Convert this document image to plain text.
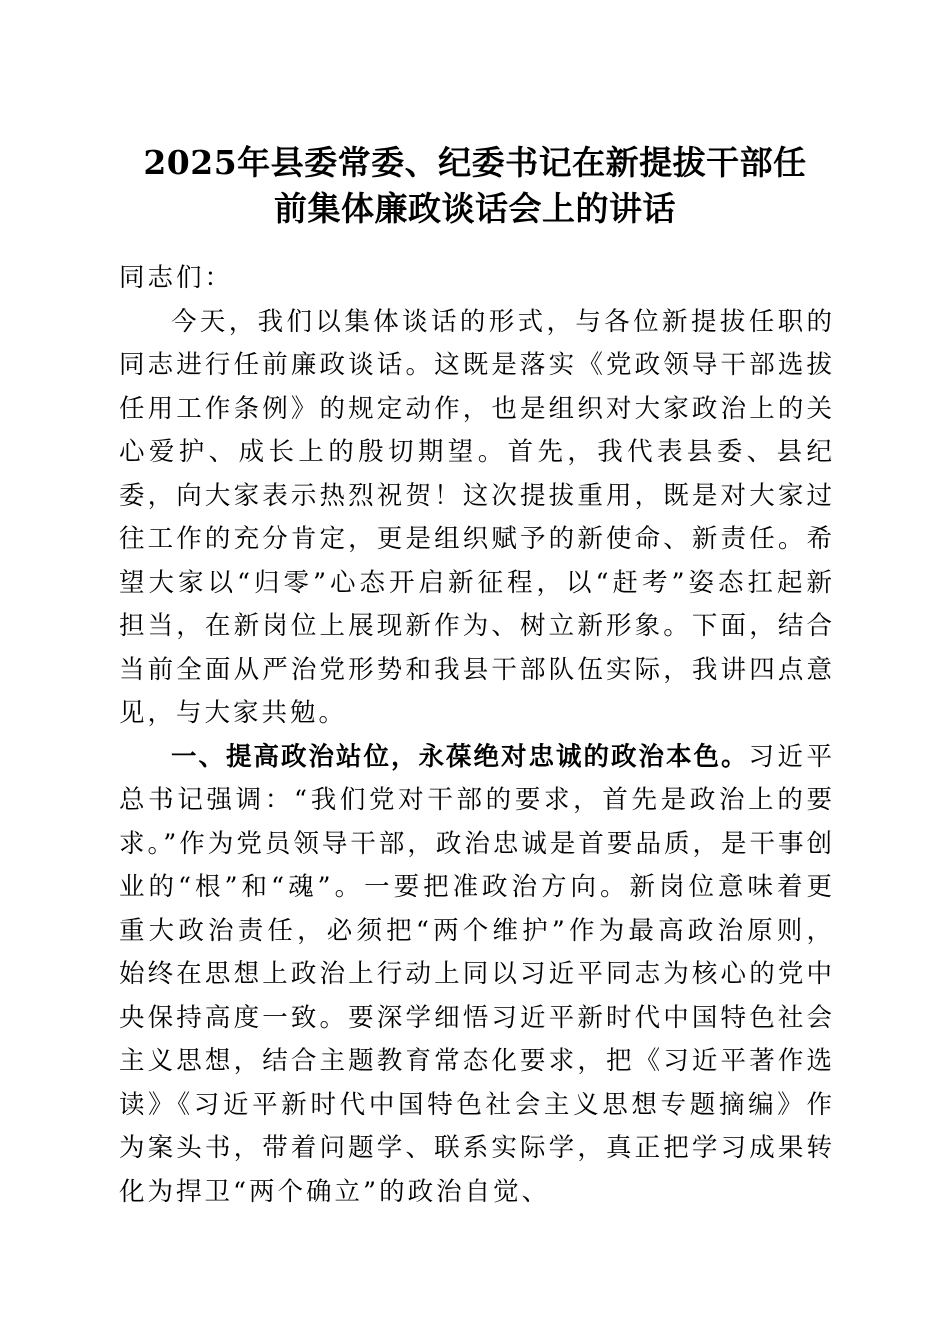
2025年县委常委、纪委书记在新提拔干部任
前集体廉政谈话会上的讲话

同志们：

今天，我们以集体谈话的形式，与各位新提拔任职的同志进行任前廉政谈话。这既是落实《党政领导干部选拔任用工作条例》的规定动作，也是组织对大家政治上的关心爱护、成长上的殷切期望。首先，我代表县委、县纪委，向大家表示热烈祝贺！这次提拔重用，既是对大家过往工作的充分肯定，更是组织赋予的新使命、新责任。希望大家以“归零”心态开启新征程，以“赶考”姿态扛起新担当，在新岗位上展现新作为、树立新形象。下面，结合当前全面从严治党形势和我县干部队伍实际，我讲四点意见，与大家共勉。

一、提高政治站位，永葆绝对忠诚的政治本色。习近平总书记强调：“我们党对干部的要求，首先是政治上的要求。”作为党员领导干部，政治忠诚是首要品质，是干事创业的“根”和“魂”。一要把准政治方向。新岗位意味着更重大政治责任，必须把“两个维护”作为最高政治原则，始终在思想上政治上行动上同以习近平同志为核心的党中央保持高度一致。要深学细悟习近平新时代中国特色社会主义思想，结合主题教育常态化要求，把《习近平著作选读》《习近平新时代中国特色社会主义思想专题摘编》作为案头书，带着问题学、联系实际学，真正把学习成果转化为捍卫“两个确立”的政治自觉、
